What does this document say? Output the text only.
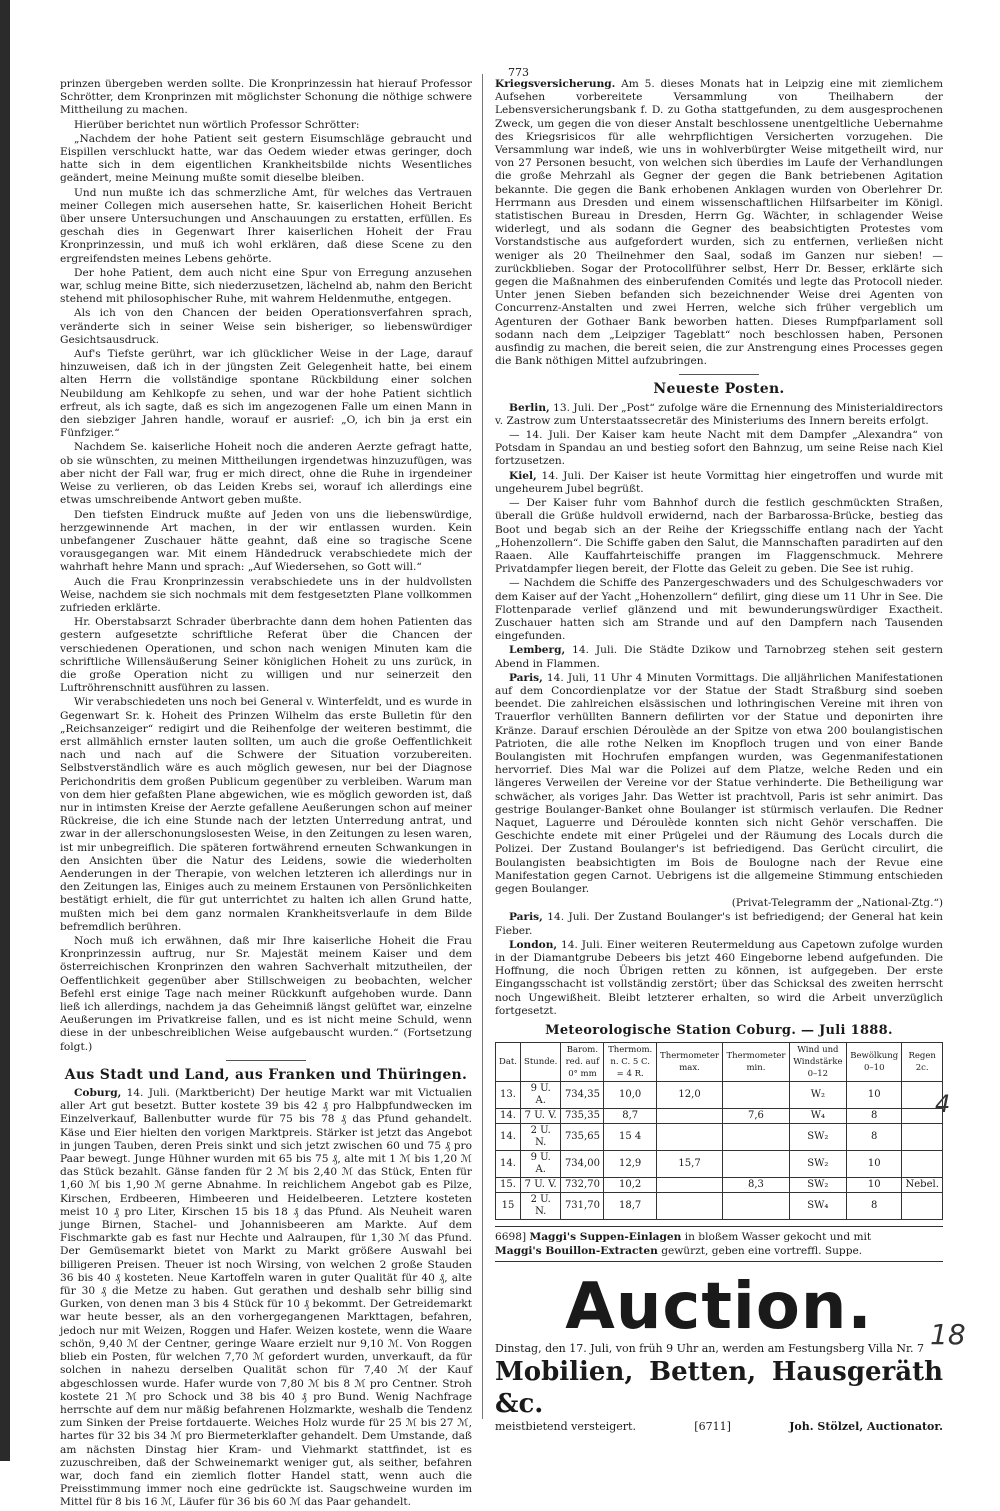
773

prinzen übergeben werden sollte. Die Kronprinzessin hat hierauf Professor Schrötter, dem Kronprinzen mit möglichster Schonung die nöthige schwere Mittheilung zu machen.

Hierüber berichtet nun wörtlich Professor Schrötter:

„Nachdem der hohe Patient seit gestern Eisumschläge gebraucht und Eispillen verschluckt hatte, war das Oedem wieder etwas geringer, doch hatte sich in dem eigentlichen Krankheitsbilde nichts Wesentliches geändert, meine Meinung mußte somit dieselbe bleiben.

Und nun mußte ich das schmerzliche Amt, für welches das Vertrauen meiner Collegen mich ausersehen hatte, Sr. kaiserlichen Hoheit Bericht über unsere Untersuchungen und Anschauungen zu erstatten, erfüllen. Es geschah dies in Gegenwart Ihrer kaiserlichen Hoheit der Frau Kronprinzessin, und muß ich wohl erklären, daß diese Scene zu den ergreifendsten meines Lebens gehörte.

Der hohe Patient, dem auch nicht eine Spur von Erregung anzusehen war, schlug meine Bitte, sich niederzusetzen, lächelnd ab, nahm den Bericht stehend mit philosophischer Ruhe, mit wahrem Heldenmuthe, entgegen.

Als ich von den Chancen der beiden Operationsverfahren sprach, veränderte sich in seiner Weise sein bisheriger, so liebenswürdiger Gesichtsausdruck.

Auf's Tiefste gerührt, war ich glücklicher Weise in der Lage, darauf hinzuweisen, daß ich in der jüngsten Zeit Gelegenheit hatte, bei einem alten Herrn die vollständige spontane Rückbildung einer solchen Neubildung am Kehlkopfe zu sehen, und war der hohe Patient sichtlich erfreut, als ich sagte, daß es sich im angezogenen Falle um einen Mann in den siebziger Jahren handle, worauf er ausrief: „O, ich bin ja erst ein Fünfziger.“

Nachdem Se. kaiserliche Hoheit noch die anderen Aerzte gefragt hatte, ob sie wünschten, zu meinen Mittheilungen irgendetwas hinzuzufügen, was aber nicht der Fall war, frug er mich direct, ohne die Ruhe in irgendeiner Weise zu verlieren, ob das Leiden Krebs sei, worauf ich allerdings eine etwas umschreibende Antwort geben mußte.

Den tiefsten Eindruck mußte auf Jeden von uns die liebenswürdige, herzgewinnende Art machen, in der wir entlassen wurden. Kein unbefangener Zuschauer hätte geahnt, daß eine so tragische Scene vorausgegangen war. Mit einem Händedruck verabschiedete mich der wahrhaft hehre Mann und sprach: „Auf Wiedersehen, so Gott will.“

Auch die Frau Kronprinzessin verabschiedete uns in der huldvollsten Weise, nachdem sie sich nochmals mit dem festgesetzten Plane vollkommen zufrieden erklärte.

Hr. Oberstabsarzt Schrader überbrachte dann dem hohen Patienten das gestern aufgesetzte schriftliche Referat über die Chancen der verschiedenen Operationen, und schon nach wenigen Minuten kam die schriftliche Willensäußerung Seiner königlichen Hoheit zu uns zurück, in die große Operation nicht zu willigen und nur seinerzeit den Luftröhrenschnitt ausführen zu lassen.

Wir verabschiedeten uns noch bei General v. Winterfeldt, und es wurde in Gegenwart Sr. k. Hoheit des Prinzen Wilhelm das erste Bulletin für den „Reichsanzeiger“ redigirt und die Reihenfolge der weiteren bestimmt, die erst allmählich ernster lauten sollten, um auch die große Oeffentlichkeit nach und nach auf die Schwere der Situation vorzubereiten. Selbstverständlich wäre es auch möglich gewesen, nur bei der Diagnose Perichondritis dem großen Publicum gegenüber zu verbleiben. Warum man von dem hier gefaßten Plane abgewichen, wie es möglich geworden ist, daß nur in intimsten Kreise der Aerzte gefallene Aeußerungen schon auf meiner Rückreise, die ich eine Stunde nach der letzten Unterredung antrat, und zwar in der allerschonungslosesten Weise, in den Zeitungen zu lesen waren, ist mir unbegreiflich. Die späteren fortwährend erneuten Schwankungen in den Ansichten über die Natur des Leidens, sowie die wiederholten Aenderungen in der Therapie, von welchen letzteren ich allerdings nur in den Zeitungen las, Einiges auch zu meinem Erstaunen von Persönlichkeiten bestätigt erhielt, die für gut unterrichtet zu halten ich allen Grund hatte, mußten mich bei dem ganz normalen Krankheitsverlaufe in dem Bilde befremdlich berühren.

Noch muß ich erwähnen, daß mir Ihre kaiserliche Hoheit die Frau Kronprinzessin auftrug, nur Sr. Majestät meinem Kaiser und dem österreichischen Kronprinzen den wahren Sachverhalt mitzutheilen, der Oeffentlichkeit gegenüber aber Stillschweigen zu beobachten, welcher Befehl erst einige Tage nach meiner Rückkunft aufgehoben wurde. Dann ließ ich allerdings, nachdem ja das Geheimniß längst gelüftet war, einzelne Aeußerungen im Privatkreise fallen, und es ist nicht meine Schuld, wenn diese in der unbeschreiblichen Weise aufgebauscht wurden.“ (Fortsetzung folgt.)

Aus Stadt und Land, aus Franken und Thüringen.

Coburg, 14. Juli. (Marktbericht) Der heutige Markt war mit Victualien aller Art gut besetzt. Butter kostete 39 bis 42 ₰ pro Halbpfundwecken im Einzelverkauf, Ballenbutter wurde für 75 bis 78 ₰ das Pfund gehandelt. Käse und Eier hielten den vorigen Marktpreis. Stärker ist jetzt das Angebot in jungen Tauben, deren Preis sinkt und sich jetzt zwischen 60 und 75 ₰ pro Paar bewegt. Junge Hühner wurden mit 65 bis 75 ₰, alte mit 1 ℳ bis 1,20 ℳ das Stück bezahlt. Gänse fanden für 2 ℳ bis 2,40 ℳ das Stück, Enten für 1,60 ℳ bis 1,90 ℳ gerne Abnahme. In reichlichem Angebot gab es Pilze, Kirschen, Erdbeeren, Himbeeren und Heidelbeeren. Letztere kosteten meist 10 ₰ pro Liter, Kirschen 15 bis 18 ₰ das Pfund. Als Neuheit waren junge Birnen, Stachel- und Johannisbeeren am Markte. Auf dem Fischmarkte gab es fast nur Hechte und Aalraupen, für 1,30 ℳ das Pfund. Der Gemüsemarkt bietet von Markt zu Markt größere Auswahl bei billigeren Preisen. Theuer ist noch Wirsing, von welchen 2 große Stauden 36 bis 40 ₰ kosteten. Neue Kartoffeln waren in guter Qualität für 40 ₰, alte für 30 ₰ die Metze zu haben. Gut gerathen und deshalb sehr billig sind Gurken, von denen man 3 bis 4 Stück für 10 ₰ bekommt. Der Getreidemarkt war heute besser, als an den vorhergegangenen Markttagen, befahren, jedoch nur mit Weizen, Roggen und Hafer. Weizen kostete, wenn die Waare schön, 9,40 ℳ der Centner, geringe Waare erzielt nur 9,10 ℳ. Von Roggen blieb ein Posten, für welchen 7,70 ℳ gefordert wurden, unverkauft, da für solchen in nahezu derselben Qualität schon für 7,40 ℳ der Kauf abgeschlossen wurde. Hafer wurde von 7,80 ℳ bis 8 ℳ pro Centner. Stroh kostete 21 ℳ pro Schock und 38 bis 40 ₰ pro Bund. Wenig Nachfrage herrschte auf dem nur mäßig befahrenen Holzmarkte, weshalb die Tendenz zum Sinken der Preise fortdauerte. Weiches Holz wurde für 25 ℳ bis 27 ℳ, hartes für 32 bis 34 ℳ pro Biermeterklafter gehandelt. Dem Umstande, daß am nächsten Dinstag hier Kram- und Viehmarkt stattfindet, ist es zuzuschreiben, daß der Schweinemarkt weniger gut, als seither, befahren war, doch fand ein ziemlich flotter Handel statt, wenn auch die Preisstimmung immer noch eine gedrückte ist. Saugschweine wurden im Mittel für 8 bis 16 ℳ, Läufer für 36 bis 60 ℳ das Paar gehandelt.

Kriegsversicherung. Am 5. dieses Monats hat in Leipzig eine mit ziemlichem Aufsehen vorbereitete Versammlung von Theilhabern der Lebensversicherungsbank f. D. zu Gotha stattgefunden, zu dem ausgesprochenen Zweck, um gegen die von dieser Anstalt beschlossene unentgeltliche Uebernahme des Kriegsrisicos für alle wehrpflichtigen Versicherten vorzugehen. Die Versammlung war indeß, wie uns in wohlverbürgter Weise mitgetheilt wird, nur von 27 Personen besucht, von welchen sich überdies im Laufe der Verhandlungen die große Mehrzahl als Gegner der gegen die Bank betriebenen Agitation bekannte. Die gegen die Bank erhobenen Anklagen wurden von Oberlehrer Dr. Herrmann aus Dresden und einem wissenschaftlichen Hilfsarbeiter im Königl. statistischen Bureau in Dresden, Herrn Gg. Wächter, in schlagender Weise widerlegt, und als sodann die Gegner des beabsichtigten Protestes vom Vorstandstische aus aufgefordert wurden, sich zu entfernen, verließen nicht weniger als 20 Theilnehmer den Saal, sodaß im Ganzen nur sieben! — zurückblieben. Sogar der Protocollführer selbst, Herr Dr. Besser, erklärte sich gegen die Maßnahmen des einberufenden Comités und legte das Protocoll nieder. Unter jenen Sieben befanden sich bezeichnender Weise drei Agenten von Concurrenz-Anstalten und zwei Herren, welche sich früher vergeblich um Agenturen der Gothaer Bank beworben hatten. Dieses Rumpfparlament soll sodann nach dem „Leipziger Tageblatt“ noch beschlossen haben, Personen ausfindig zu machen, die bereit seien, die zur Anstrengung eines Processes gegen die Bank nöthigen Mittel aufzubringen.

Neueste Posten.

Berlin, 13. Juli. Der „Post“ zufolge wäre die Ernennung des Ministerialdirectors v. Zastrow zum Unterstaatssecretär des Ministeriums des Innern bereits erfolgt.

— 14. Juli. Der Kaiser kam heute Nacht mit dem Dampfer „Alexandra“ von Potsdam in Spandau an und bestieg sofort den Bahnzug, um seine Reise nach Kiel fortzusetzen.

Kiel, 14. Juli. Der Kaiser ist heute Vormittag hier eingetroffen und wurde mit ungeheurem Jubel begrüßt.

— Der Kaiser fuhr vom Bahnhof durch die festlich geschmückten Straßen, überall die Grüße huldvoll erwidernd, nach der Barbarossa-Brücke, bestieg das Boot und begab sich an der Reihe der Kriegsschiffe entlang nach der Yacht „Hohenzollern“. Die Schiffe gaben den Salut, die Mannschaften paradirten auf den Raaen. Alle Kauffahrteischiffe prangen im Flaggenschmuck. Mehrere Privatdampfer liegen bereit, der Flotte das Geleit zu geben. Die See ist ruhig.

— Nachdem die Schiffe des Panzergeschwaders und des Schulgeschwaders vor dem Kaiser auf der Yacht „Hohenzollern“ defilirt, ging diese um 11 Uhr in See. Die Flottenparade verlief glänzend und mit bewunderungswürdiger Exactheit. Zuschauer hatten sich am Strande und auf den Dampfern nach Tausenden eingefunden.

Lemberg, 14. Juli. Die Städte Dzikow und Tarnobrzeg stehen seit gestern Abend in Flammen.

Paris, 14. Juli, 11 Uhr 4 Minuten Vormittags. Die alljährlichen Manifestationen auf dem Concordienplatze vor der Statue der Stadt Straßburg sind soeben beendet. Die zahlreichen elsässischen und lothringischen Vereine mit ihren von Trauerflor verhüllten Bannern defilirten vor der Statue und deponirten ihre Kränze. Darauf erschien Déroulède an der Spitze von etwa 200 boulangistischen Patrioten, die alle rothe Nelken im Knopfloch trugen und von einer Bande Boulangisten mit Hochrufen empfangen wurden, was Gegenmanifestationen hervorrief. Dies Mal war die Polizei auf dem Platze, welche Reden und ein längeres Verweilen der Vereine vor der Statue verhinderte. Die Betheiligung war schwächer, als voriges Jahr. Das Wetter ist prachtvoll, Paris ist sehr animirt. Das gestrige Boulanger-Banket ohne Boulanger ist stürmisch verlaufen. Die Redner Naquet, Laguerre und Déroulède konnten sich nicht Gehör verschaffen. Die Geschichte endete mit einer Prügelei und der Räumung des Locals durch die Polizei. Der Zustand Boulanger's ist befriedigend. Das Gerücht circulirt, die Boulangisten beabsichtigten im Bois de Boulogne nach der Revue eine Manifestation gegen Carnot. Uebrigens ist die allgemeine Stimmung entschieden gegen Boulanger.

(Privat-Telegramm der „National-Ztg.“)

Paris, 14. Juli. Der Zustand Boulanger's ist befriedigend; der General hat kein Fieber.

London, 14. Juli. Einer weiteren Reutermeldung aus Capetown zufolge wurden in der Diamantgrube Debeers bis jetzt 460 Eingeborne lebend aufgefunden. Die Hoffnung, die noch Übrigen retten zu können, ist aufgegeben. Der erste Eingangsschacht ist vollständig zerstört; über das Schicksal des zweiten herrscht noch Ungewißheit. Bleibt letzterer erhalten, so wird die Arbeit unverzüglich fortgesetzt.

Meteorologische Station Coburg. — Juli 1888.
Dat.	Stunde.	Barom. red. auf 0° mm	Thermom. n. C. 5 C. = 4 R.	Thermometer max.	Thermometer min.	Wind und Windstärke 0–12	Bewölkung 0–10	Regen 2c.
13.	9 U. A.	734,35	10,0	12,0		W₂	10	
14.	7 U. V.	735,35	8,7		7,6	W₄	8	
14.	2 U. N.	735,65	15 4			SW₂	8	
14.	9 U. A.	734,00	12,9	15,7		SW₂	10	
15.	7 U. V.	732,70	10,2		8,3	SW₂	10	Nebel.
15	2 U. N.	731,70	18,7			SW₄	8	
6698] Maggi's Suppen-Einlagen in bloßem Wasser gekocht und mit
Maggi's Bouillon-Extracten gewürzt, geben eine vortreffl. Suppe.
Auction.
Dinstag, den 17. Juli, von früh 9 Uhr an, werden am Festungsberg Villa Nr. 7
Mobilien, Betten, Hausgeräth &c.
meistbietend versteigert.	[6711]	Joh. Stölzel, Auctionator.
4
18
